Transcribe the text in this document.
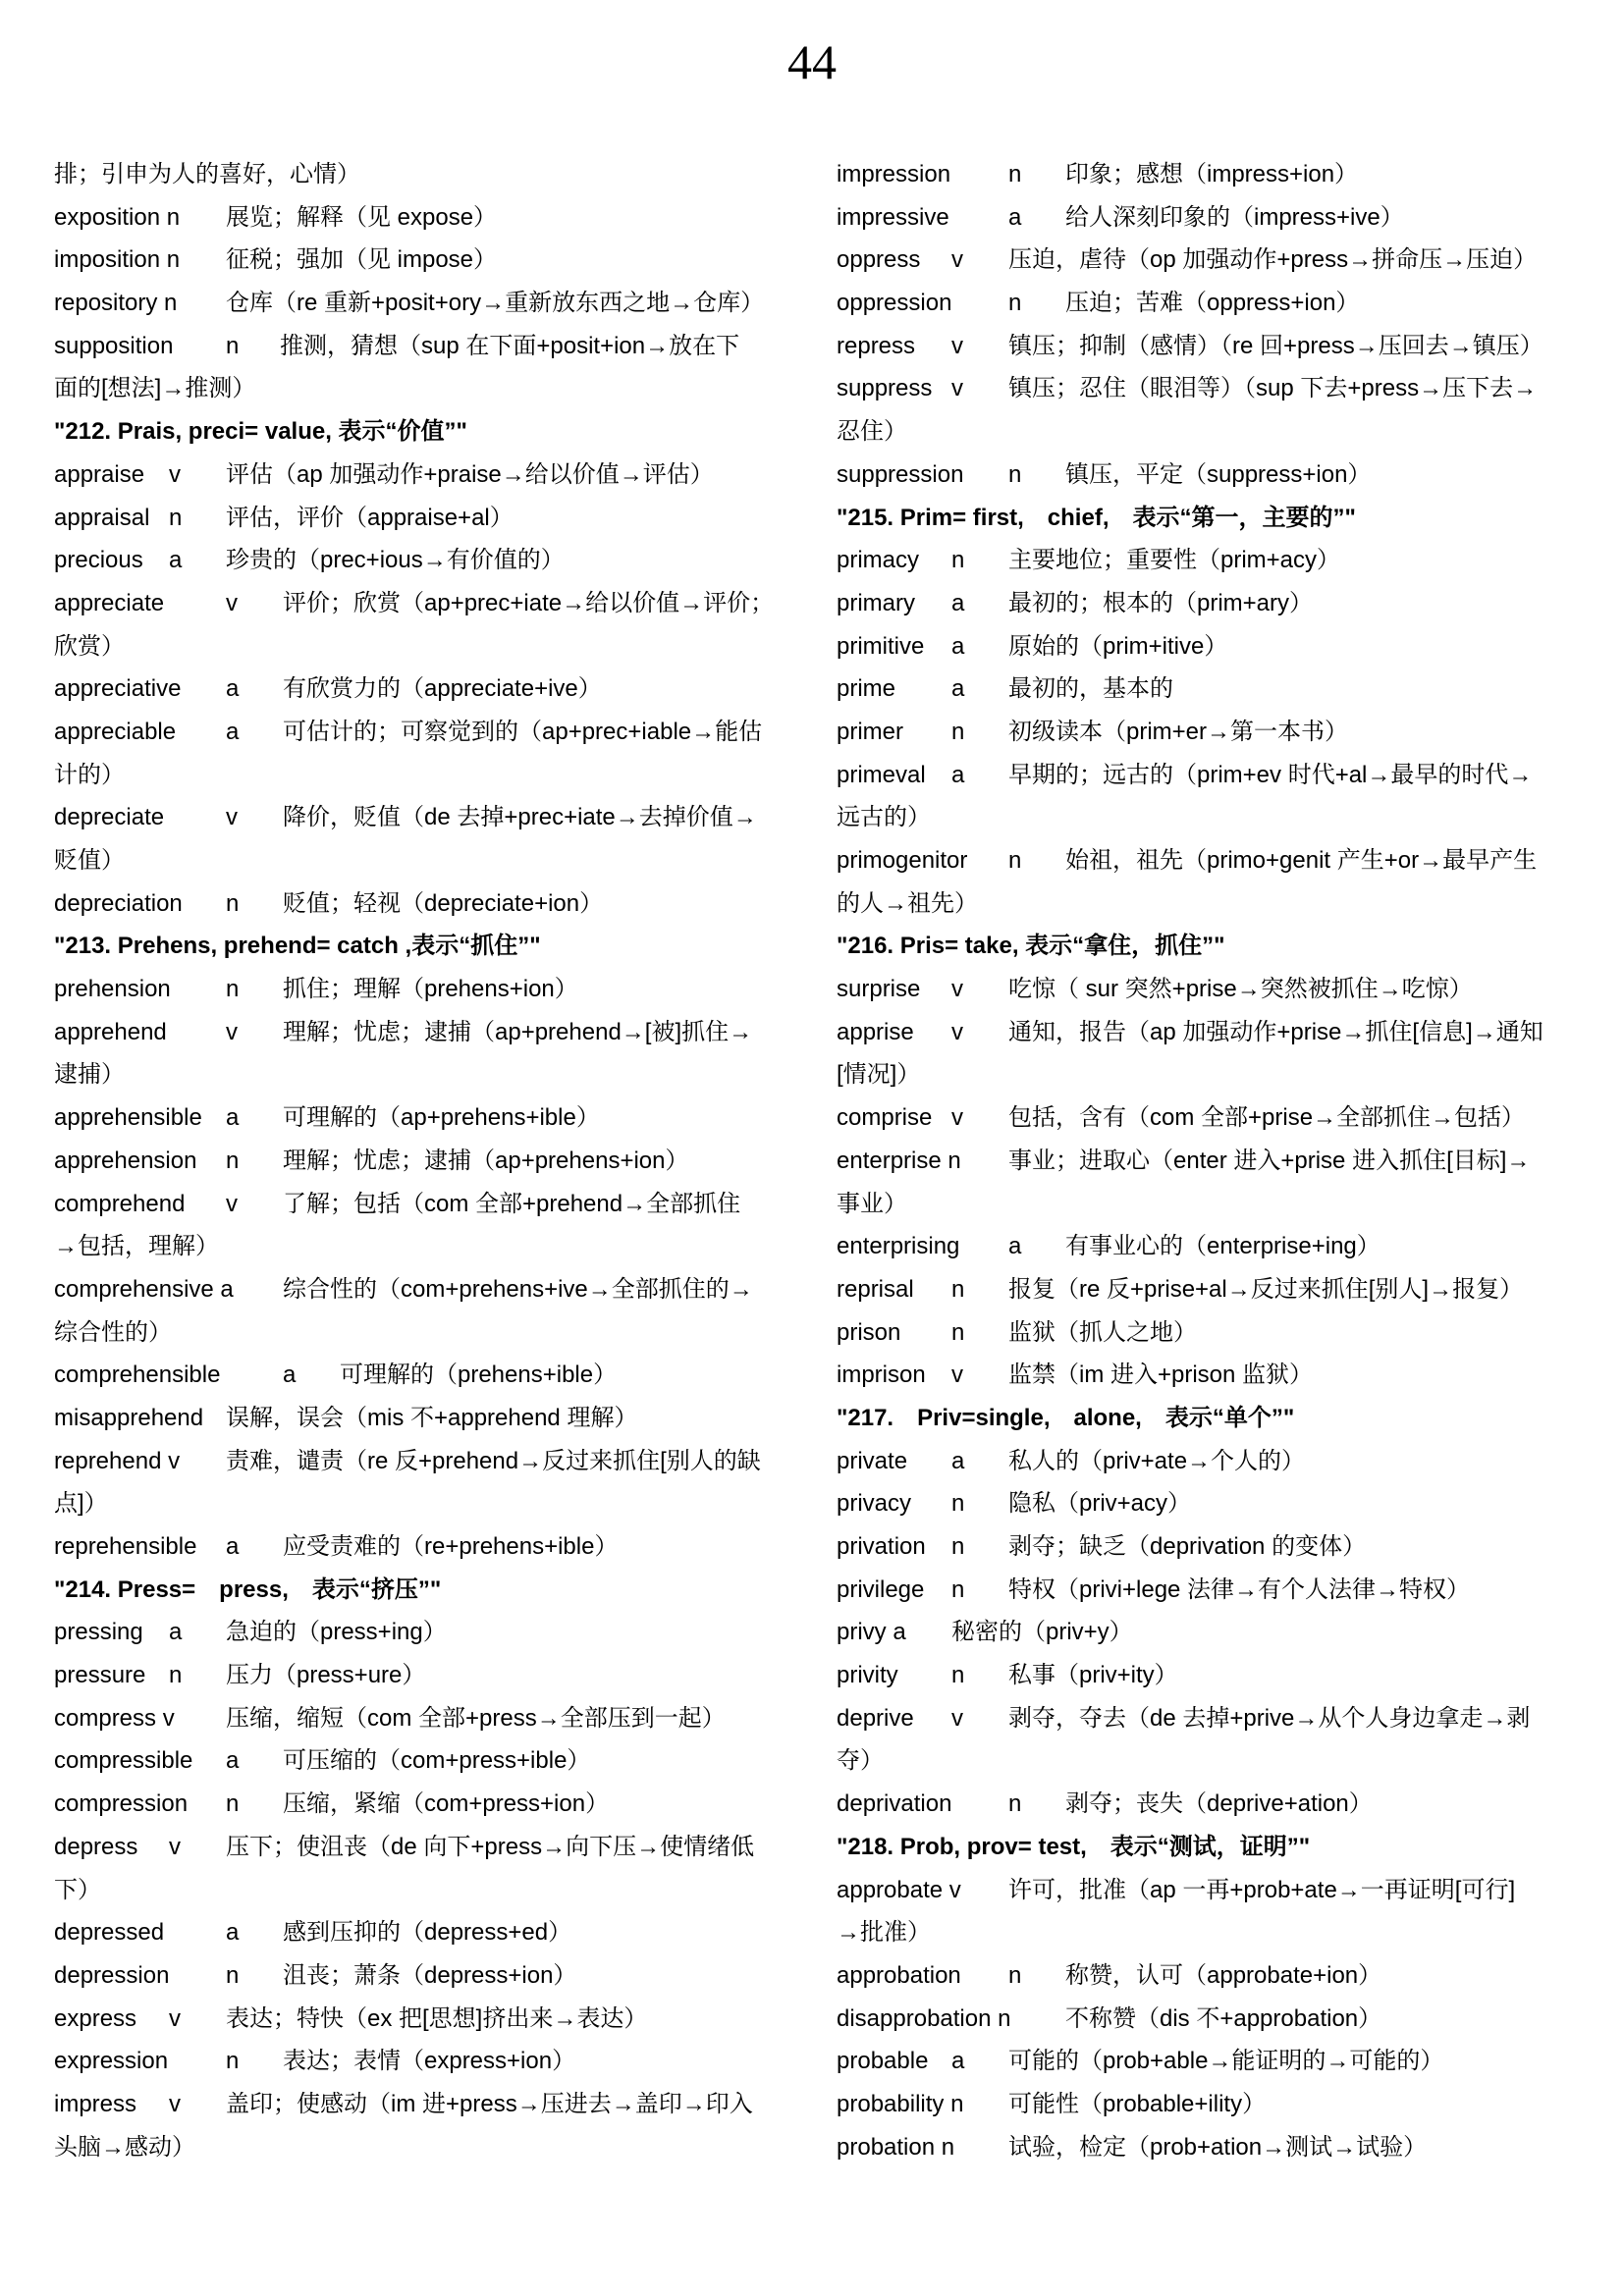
44
排；引申为人的喜好，心情）
exposition n 展览；解释（见 expose）
imposition n 征税；强加（见 impose）
repository n 仓库（re 重新+posit+ory→重新放东西之地→仓库）
supposition n 推测，猜想（sup 在下面+posit+ion→放在下
面的[想法]→推测）
"212. Prais, preci= value, 表示“价值”"
appraise v 评估（ap 加强动作+praise→给以价值→评估）
appraisal n 评估，评价（appraise+al）
precious a 珍贵的（prec+ious→有价值的）
appreciate	v 评价；欣赏（ap+prec+iate→给以价值→评价；
欣赏）
appreciative a 有欣赏力的（appreciate+ive）
appreciable a 可估计的；可察觉到的（ap+prec+iable→能估
计的）
depreciate	v 降价，贬值（de 去掉+prec+iate→去掉价值→
贬值）
depreciation n 贬值；轻视（depreciate+ion）
"213. Prehens, prehend= catch ,表示“抓住”"
prehension n 抓住；理解（prehens+ion）
apprehend	v 理解；忧虑；逮捕（ap+prehend→[被]抓住→
逮捕）
apprehensible a 可理解的（ap+prehens+ible）
apprehension n 理解；忧虑；逮捕（ap+prehens+ion）
comprehend v 了解；包括（com 全部+prehend→全部抓住
→包括，理解）
comprehensive a 综合性的（com+prehens+ive→全部抓住的→
综合性的）
comprehensible	a 可理解的（prehens+ible）
misapprehend 误解，误会（mis 不+apprehend 理解）
reprehend v 责难，谴责（re 反+prehend→反过来抓住[别人的缺
点]）
reprehensible a 应受责难的（re+prehens+ible）
"214. Press=　press,　表示“挤压”"
pressing a 急迫的（press+ing）
pressure n 压力（press+ure）
compress v 压缩，缩短（com 全部+press→全部压到一起）
compressible a 可压缩的（com+press+ible）
compression n 压缩，紧缩（com+press+ion）
depress v 压下；使沮丧（de 向下+press→向下压→使情绪低
下）
depressed	a 感到压抑的（depress+ed）
depression n 沮丧；萧条（depress+ion）
express v 表达；特快（ex 把[思想]挤出来→表达）
expression n 表达；表情（express+ion）
impress v 盖印；使感动（im 进+press→压进去→盖印→印入
头脑→感动）
impression n 印象；感想（impress+ion）
impressive	a 给人深刻印象的（impress+ive）
oppress v 压迫，虐待（op 加强动作+press→拼命压→压迫）
oppression n 压迫；苦难（oppress+ion）
repress v 镇压；抑制（感情）（re 回+press→压回去→镇压）
suppress v 镇压；忍住（眼泪等）（sup 下去+press→压下去→
忍住）
suppression n 镇压，平定（suppress+ion）
"215. Prim= first,　chief,　表示“第一，主要的”"
primacy n 主要地位；重要性（prim+acy）
primary a 最初的；根本的（prim+ary）
primitive a 原始的（prim+itive）
prime a 最初的，基本的
primer n 初级读本（prim+er→第一本书）
primeval a 早期的；远古的（prim+ev 时代+al→最早的时代→
远古的）
primogenitor n 始祖，祖先（primo+genit 产生+or→最早产生
的人→祖先）
"216. Pris= take, 表示“拿住，抓住”"
surprise v 吃惊（ sur 突然+prise→突然被抓住→吃惊）
apprise v 通知，报告（ap 加强动作+prise→抓住[信息]→通知
[情况]）
comprise v 包括，含有（com 全部+prise→全部抓住→包括）
enterprise n 事业；进取心（enter 进入+prise 进入抓住[目标]→
事业）
enterprising a 有事业心的（enterprise+ing）
reprisal n 报复（re 反+prise+al→反过来抓住[别人]→报复）
prison n 监狱（抓人之地）
imprison v 监禁（im 进入+prison 监狱）
"217.　Priv=single,　alone,　表示“单个”"
private a 私人的（priv+ate→个人的）
privacy n 隐私（priv+acy）
privation n 剥夺；缺乏（deprivation 的变体）
privilege n 特权（privi+lege 法律→有个人法律→特权）
privy a 秘密的（priv+y）
privity n 私事（priv+ity）
deprive v 剥夺，夺去（de 去掉+prive→从个人身边拿走→剥
夺）
deprivation n 剥夺；丧失（deprive+ation）
"218. Prob, prov= test,　表示“测试，证明”"
approbate v 许可，批准（ap 一再+prob+ate→一再证明[可行]
→批准）
approbation n 称赞，认可（approbate+ion）
disapprobation n 不称赞（dis 不+approbation）
probable a 可能的（prob+able→能证明的→可能的）
probability n 可能性（probable+ility）
probation n 试验，检定（prob+ation→测试→试验）
